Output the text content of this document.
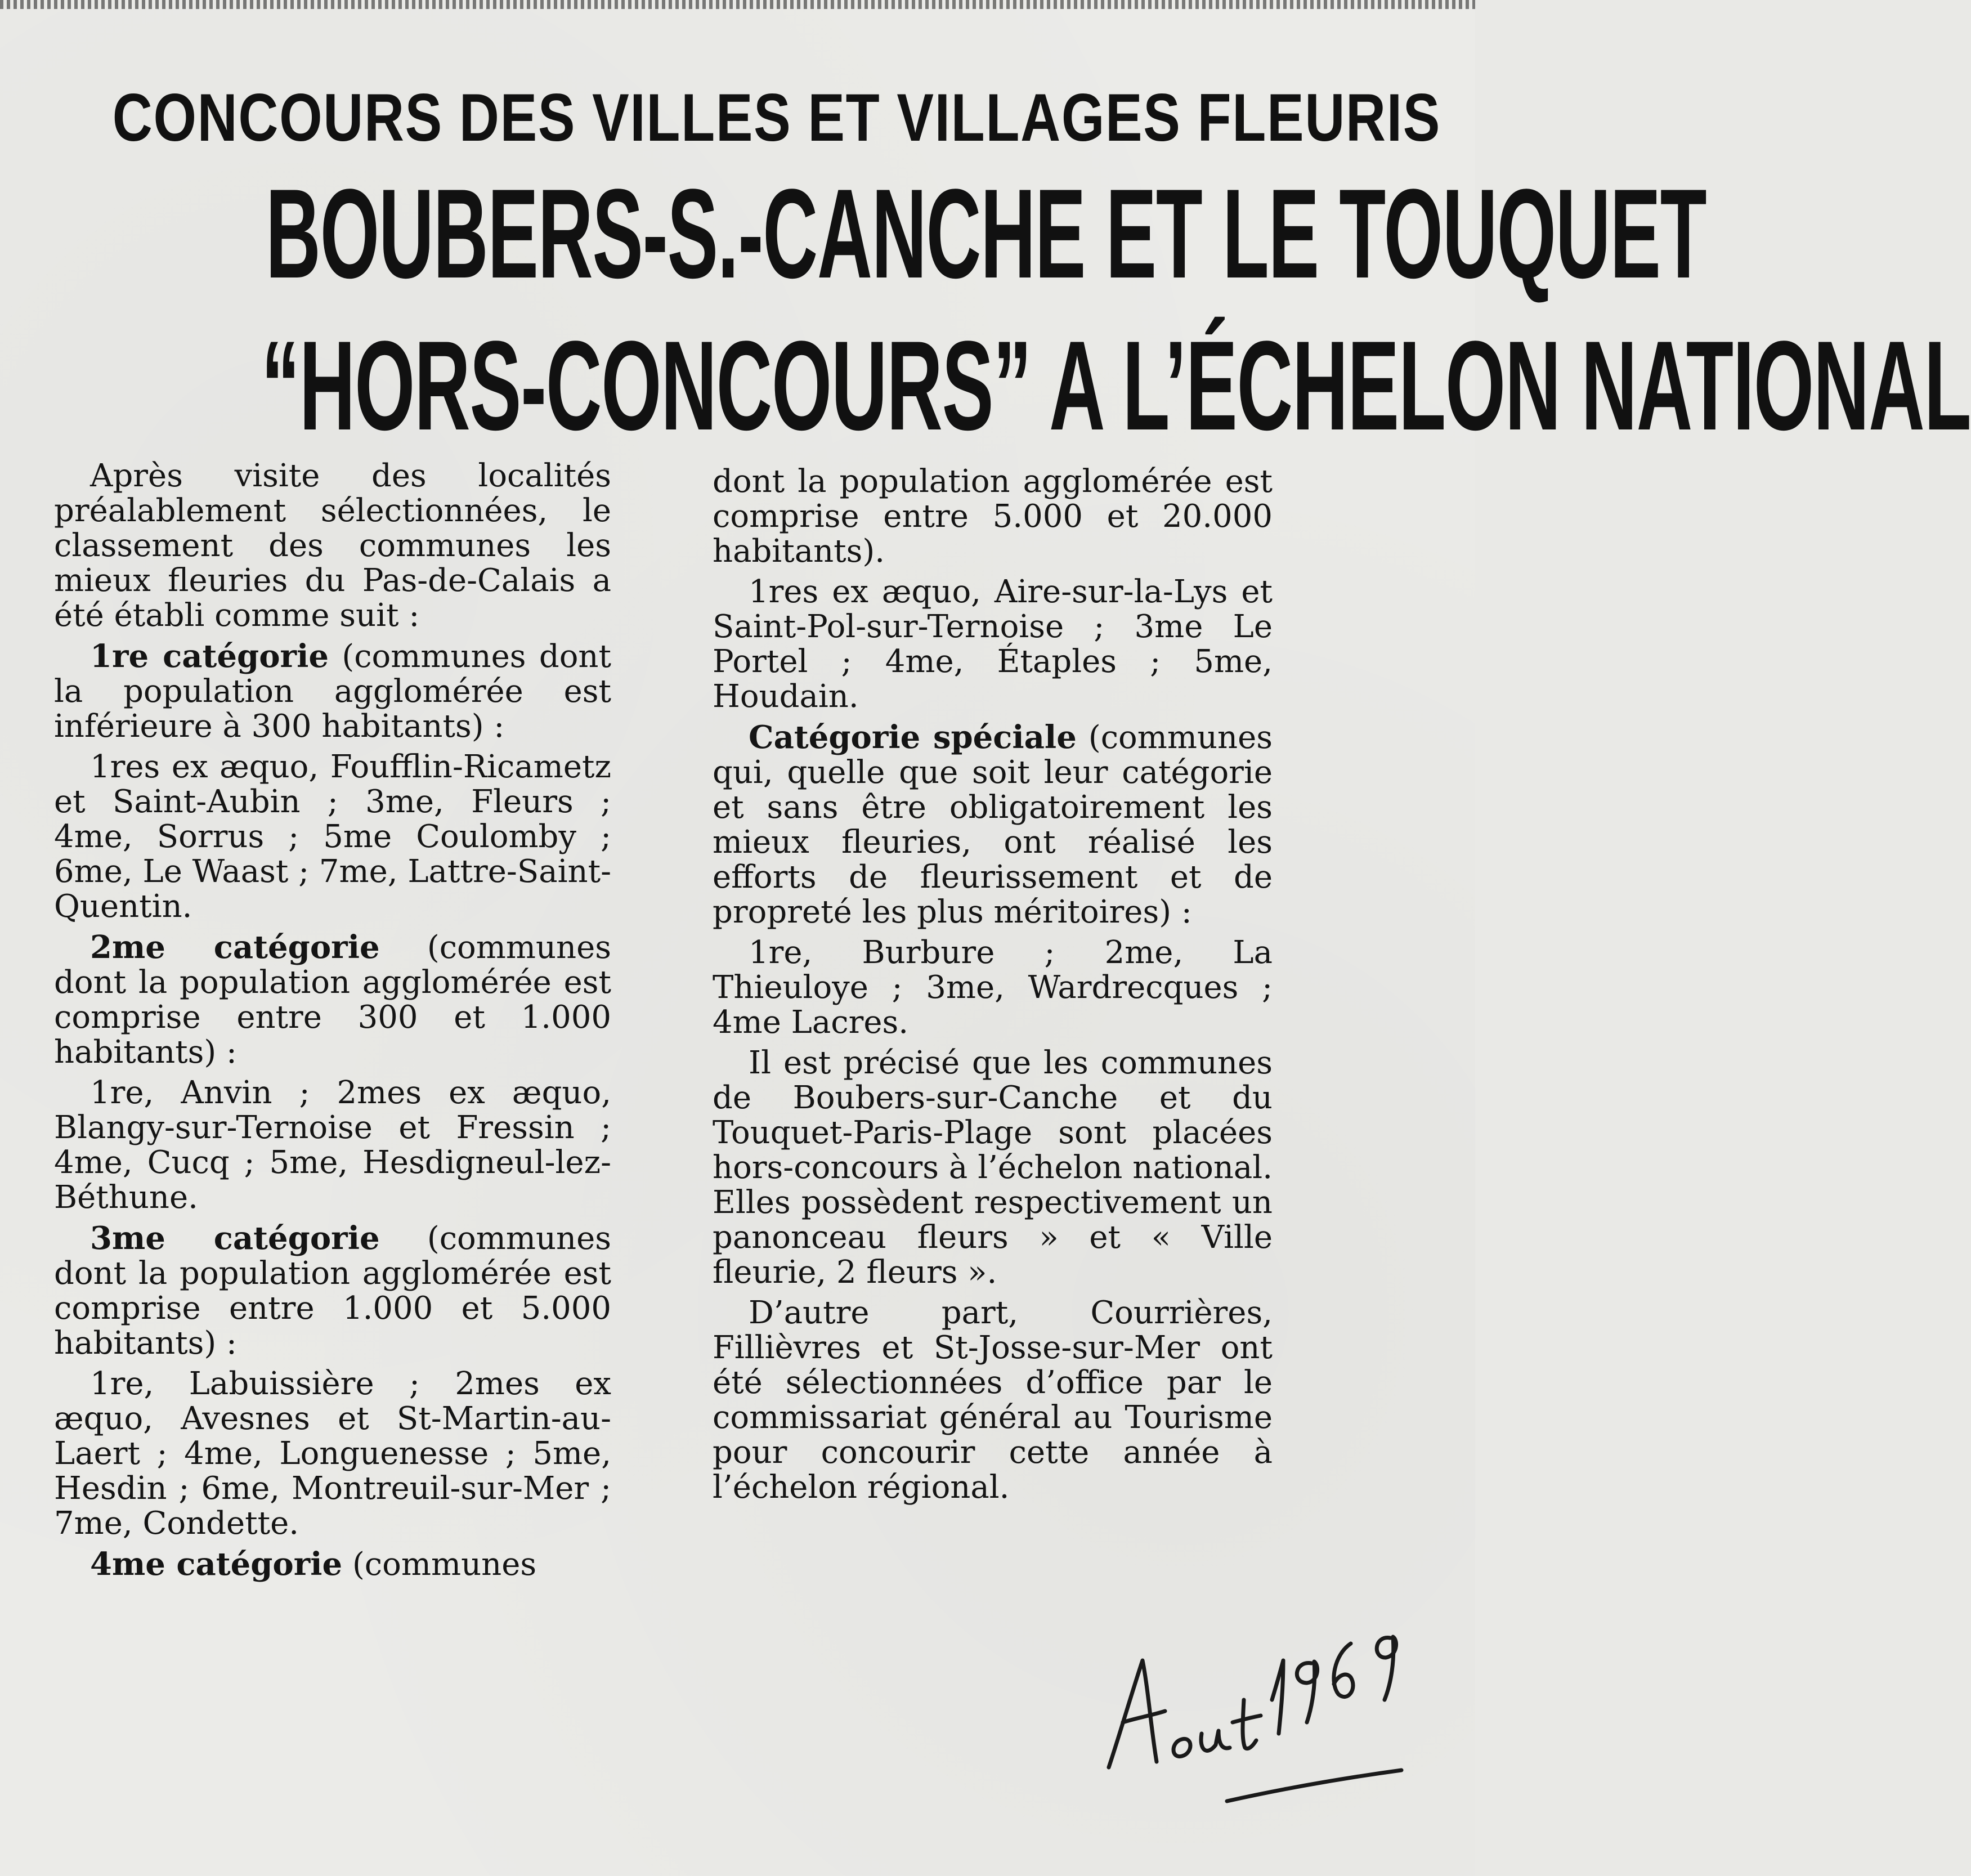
CONCOURS DES VILLES ET VILLAGES FLEURIS
BOUBERS-S.-CANCHE ET LE TOUQUET
“HORS-CONCOURS” A L’ÉCHELON NATIONAL

Après visite des localités préalablement sélectionnées, le classement des communes les mieux fleuries du Pas-de-Calais a été établi comme suit :

1re catégorie (communes dont la population agglomérée est inférieure à 300 habitants) :

1res ex æquo, Foufflin-Ricametz et Saint-Aubin ; 3me, Fleurs ; 4me, Sorrus ; 5me Coulomby ; 6me, Le Waast ; 7me, Lattre-Saint-Quentin.

2me catégorie (communes dont la population agglomérée est comprise entre 300 et 1.000 habitants) :

1re, Anvin ; 2mes ex æquo, Blangy-sur-Ternoise et Fressin ; 4me, Cucq ; 5me, Hesdigneul-lez-Béthune.

3me catégorie (communes dont la population agglomérée est comprise entre 1.000 et 5.000 habitants) :

1re, Labuissière ; 2mes ex æquo, Avesnes et St-Martin-au-Laert ; 4me, Longuenesse ; 5me, Hesdin ; 6me, Montreuil-sur-Mer ; 7me, Condette.

4me catégorie (communes

dont la population agglomérée est comprise entre 5.000 et 20.000 habitants).

1res ex æquo, Aire-sur-la-Lys et Saint-Pol-sur-Ternoise ; 3me Le Portel ; 4me, Étaples ; 5me, Houdain.

Catégorie spéciale (communes qui, quelle que soit leur catégorie et sans être obligatoirement les mieux fleuries, ont réalisé les efforts de fleurissement et de propreté les plus méritoires) :

1re, Burbure ; 2me, La Thieuloye ; 3me, Wardrecques ; 4me Lacres.

Il est précisé que les communes de Boubers-sur-Canche et du Touquet-Paris-Plage sont placées hors-concours à l’échelon national. Elles possèdent respectivement un panonceau fleurs » et « Ville fleurie, 2 fleurs ».

D’autre part, Courrières, Fillièvres et St-Josse-sur-Mer ont été sélectionnées d’office par le commissariat général au Tourisme pour concourir cette année à l’échelon régional.
